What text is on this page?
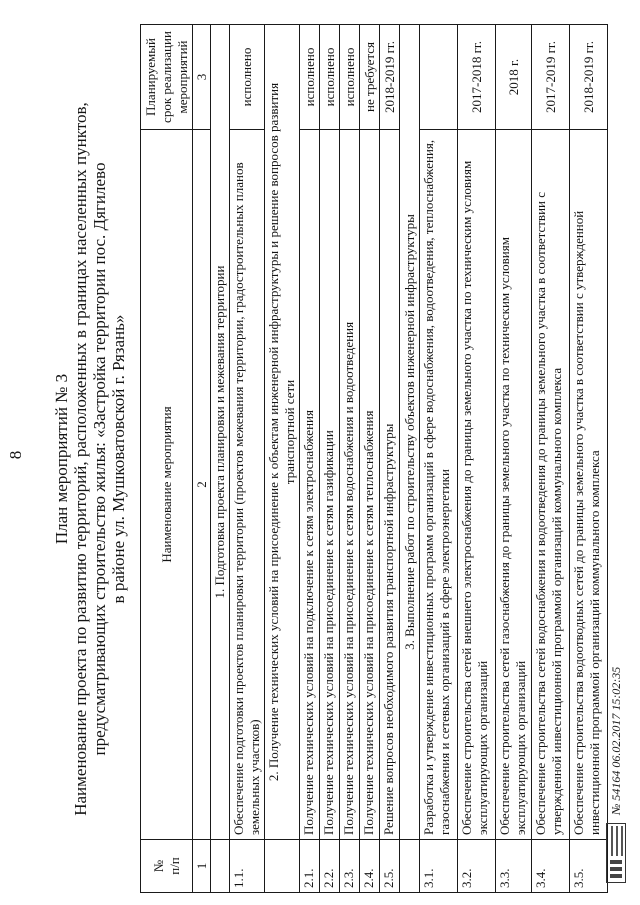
8 План мероприятий № 3 Наименование проекта по развитию территорий, расположенных в границах населенных пунктов, предусматривающих строительство жилья: «Застройка территории пос. Дягилево в районе ул. Мушковатовской г. Рязань»
№
п/п	Наименование мероприятия	Планируемый срок реализации мероприятий
1	2	3
	1. Подготовка проекта планировки и межевания территории	
1.1.	Обеспечение подготовки проектов планировки территории (проектов межевания территории, градостроительных планов земельных участков)	исполнено
	2. Получение технических условий на присоединение к объектам инженерной инфраструктуры и решение вопросов развития
транспортной сети	
2.1.	Получение технических условий на подключение к сетям электроснабжения	исполнено
2.2.	Получение технических условий на присоединение к сетям газификации	исполнено
2.3.	Получение технических условий на присоединение к сетям водоснабжения и водоотведения	исполнено
2.4.	Получение технических условий на присоединение к сетям теплоснабжения	не требуется
2.5.	Решение вопросов необходимого развития транспортной инфраструктуры	2018-2019 гг.
	3. Выполнение работ по строительству объектов инженерной инфраструктуры	
3.1.	Разработка и утверждение инвестиционных программ организаций в сфере водоснабжения, водоотведения, теплоснабжения, газоснабжения и сетевых организаций в сфере электроэнергетики	
3.2.	Обеспечение строительства сетей внешнего электроснабжения до границы земельного участка по техническим условиям эксплуатирующих организаций	2017-2018 гг.
3.3.	Обеспечение строительства сетей газоснабжения до границы земельного участка по техническим условиям эксплуатирующих организаций	2018 г.
3.4.	Обеспечение строительства сетей водоснабжения и водоотведения до границы земельного участка в соответствии с утвержденной инвестиционной программой организаций коммунального комплекса	2017-2019 гг.
3.5.	Обеспечение строительства водоотводных сетей до границы земельного участка в соответствии с утвержденной инвестиционной программой организаций коммунального комплекса	2018-2019 гг.
№ 54164 06.02.2017 15:02:35
